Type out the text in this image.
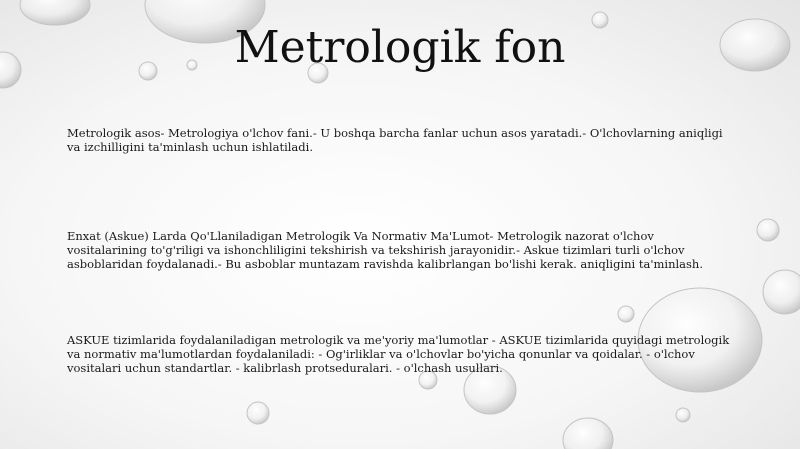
Metrologik fon

Metrologik asos- Metrologiya o'lchov fani.- U boshqa barcha fanlar uchun asos yaratadi.- O'lchovlarning aniqligi va izchilligini ta'minlash uchun ishlatiladi.

Enxat (Askue) Larda Qo'Llaniladigan Metrologik Va Normativ Ma'Lumot- Metrologik nazorat o'lchov vositalarining to'g'riligi va ishonchliligini tekshirish va tekshirish jarayonidir.- Askue tizimlari turli o'lchov asboblaridan foydalanadi.- Bu asboblar muntazam ravishda kalibrlangan bo'lishi kerak. aniqligini ta'minlash.

ASKUE tizimlarida foydalaniladigan metrologik va me'yoriy ma'lumotlar - ASKUE tizimlarida quyidagi metrologik va normativ ma'lumotlardan foydalaniladi: - Og'irliklar va o'lchovlar bo'yicha qonunlar va qoidalar. - o'lchov vositalari uchun standartlar. - kalibrlash protseduralari. - o'lchash usullari.
